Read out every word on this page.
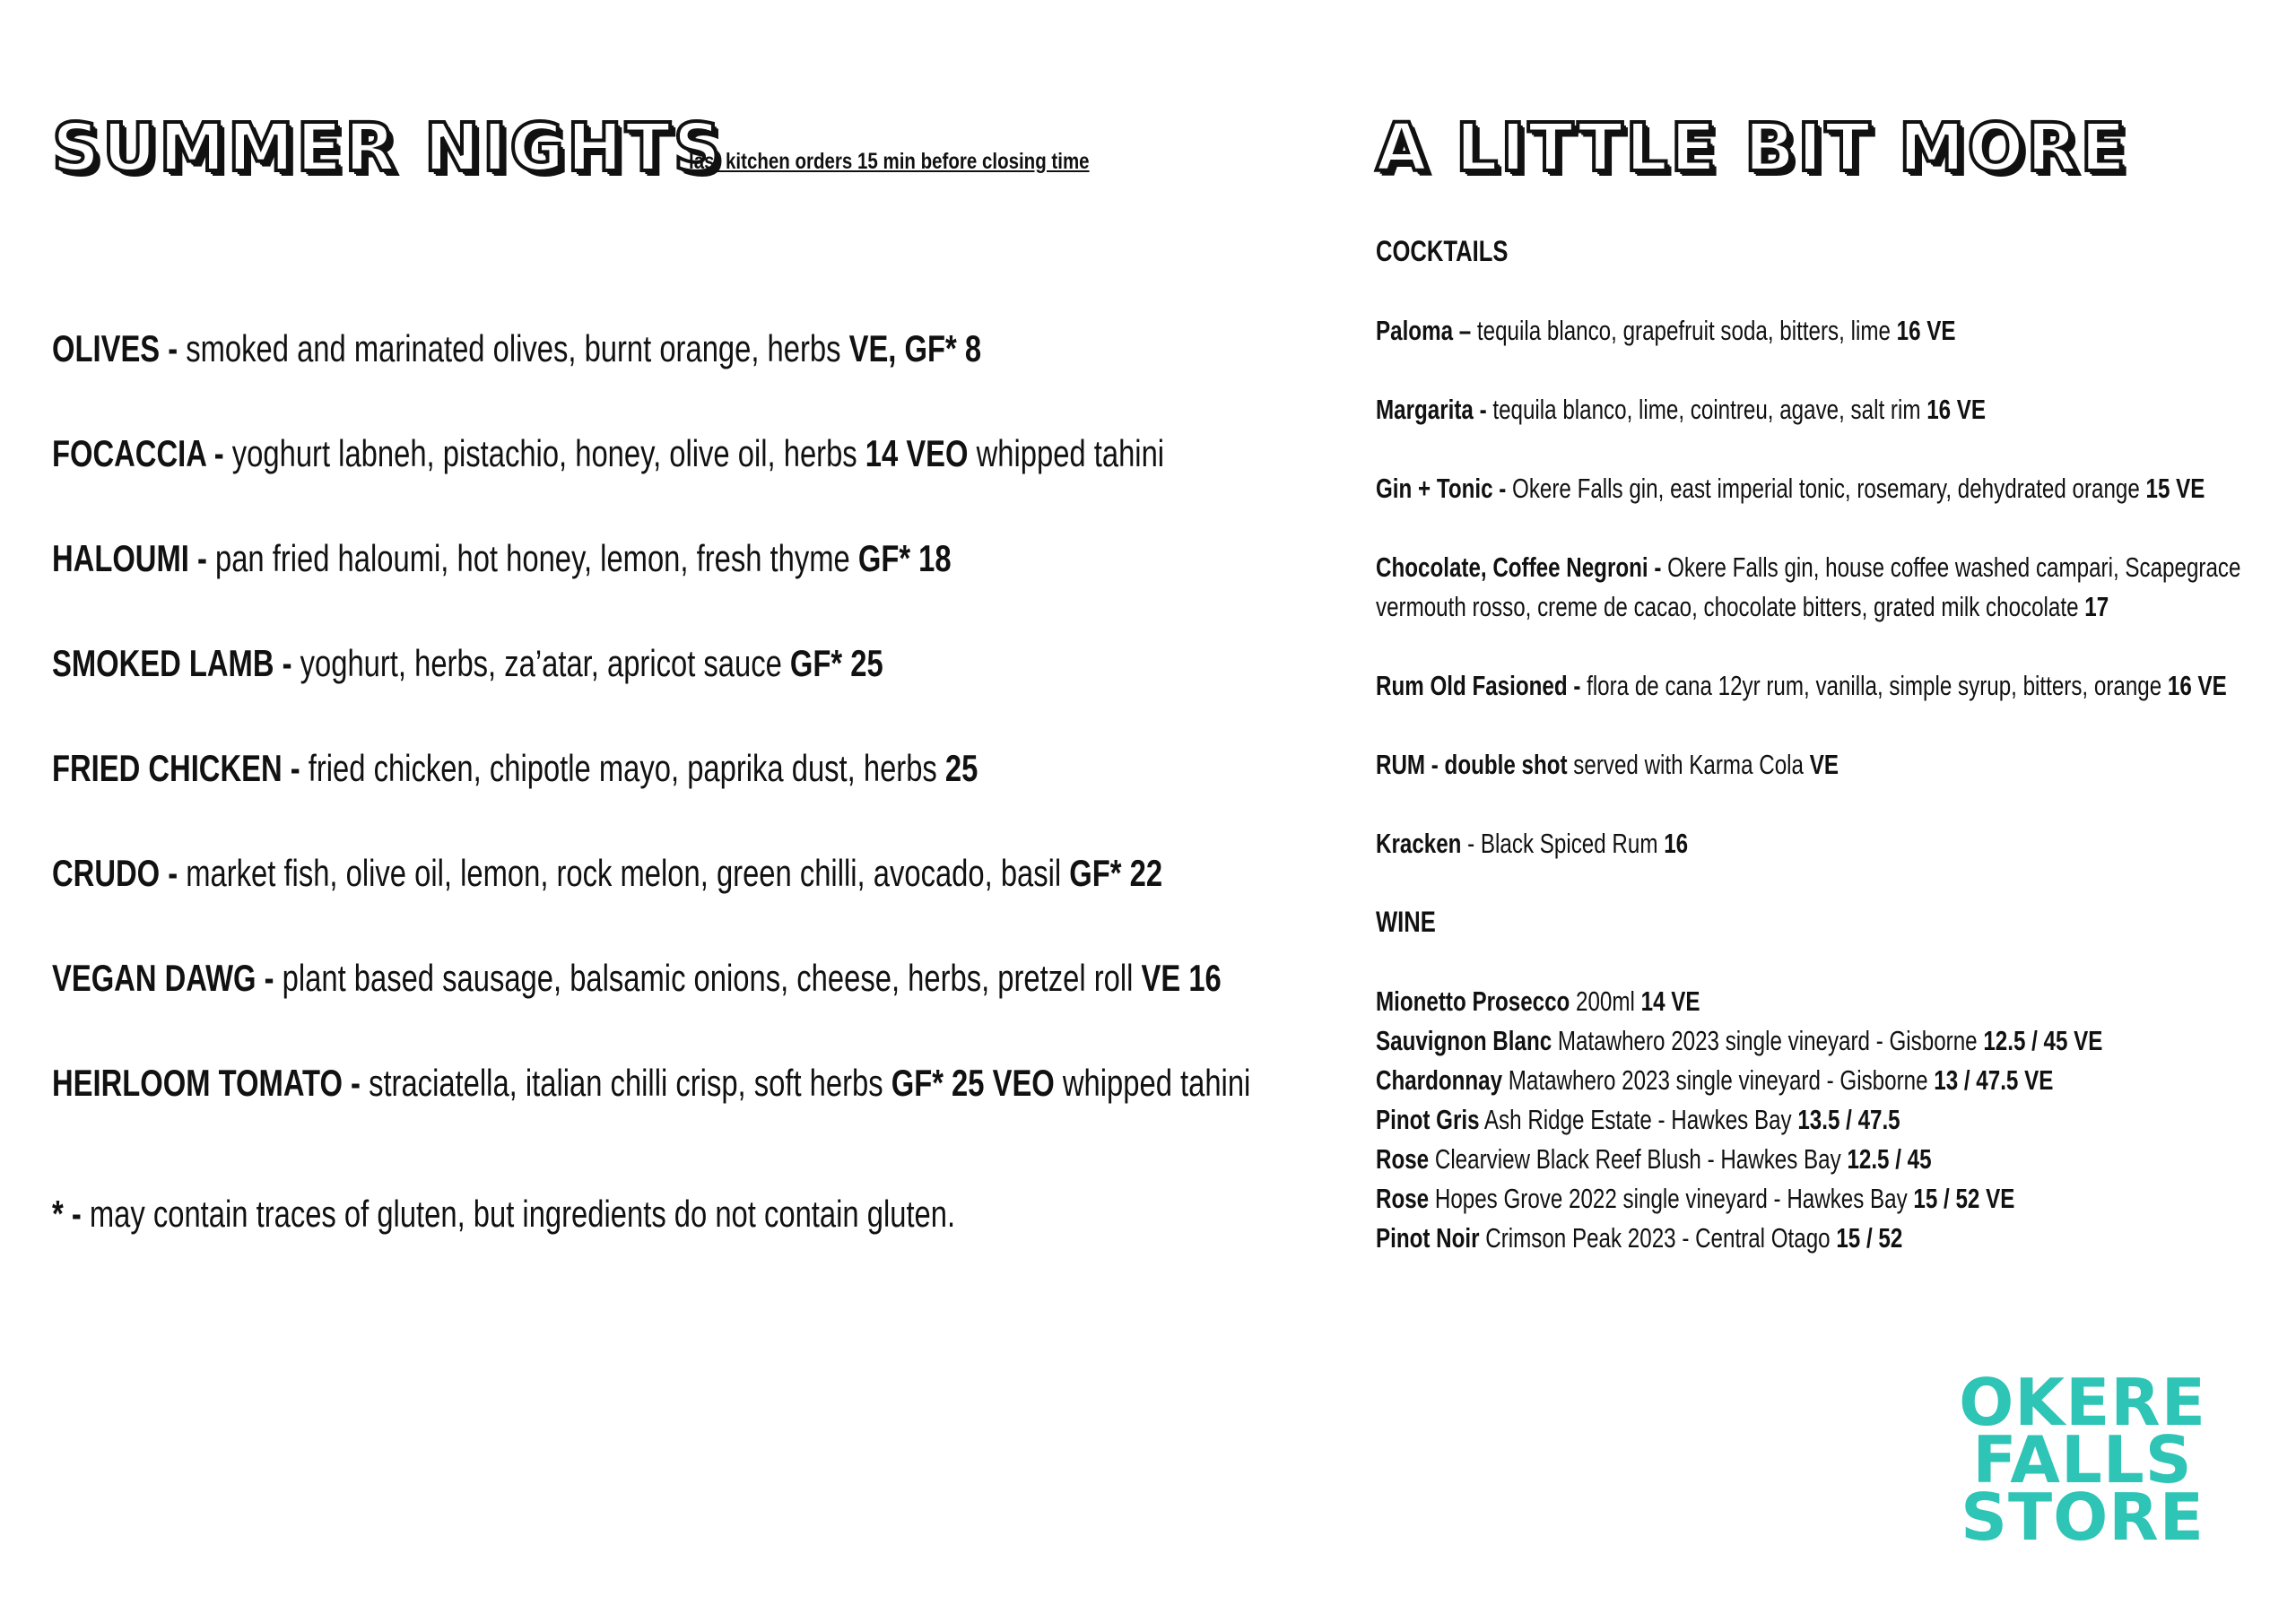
SUMMER NIGHTS
last kitchen orders 15 min before closing time

OLIVES - smoked and marinated olives, burnt orange, herbs VE, GF* 8

FOCACCIA - yoghurt labneh, pistachio, honey, olive oil, herbs 14 VEO whipped tahini

HALOUMI - pan fried haloumi, hot honey, lemon, fresh thyme GF* 18

SMOKED LAMB - yoghurt, herbs, za’atar, apricot sauce GF* 25

FRIED CHICKEN - fried chicken, chipotle mayo, paprika dust, herbs 25

CRUDO - market fish, olive oil, lemon, rock melon, green chilli, avocado, basil GF* 22

VEGAN DAWG - plant based sausage, balsamic onions, cheese, herbs, pretzel roll VE 16

HEIRLOOM TOMATO - straciatella, italian chilli crisp, soft herbs GF* 25 VEO whipped tahini

* - may contain traces of gluten, but ingredients do not contain gluten.

A LITTLE BIT MORE

COCKTAILS

Paloma – tequila blanco, grapefruit soda, bitters, lime 16 VE

Margarita - tequila blanco, lime, cointreu, agave, salt rim 16 VE

Gin + Tonic - Okere Falls gin, east imperial tonic, rosemary, dehydrated orange 15 VE

Chocolate, Coffee Negroni - Okere Falls gin, house coffee washed campari, Scapegrace

vermouth rosso, creme de cacao, chocolate bitters, grated milk chocolate 17

Rum Old Fasioned - flora de cana 12yr rum, vanilla, simple syrup, bitters, orange 16 VE

RUM - double shot served with Karma Cola VE

Kracken - Black Spiced Rum 16

WINE

Mionetto Prosecco 200ml 14 VE

Sauvignon Blanc Matawhero 2023 single vineyard - Gisborne 12.5 / 45 VE

Chardonnay Matawhero 2023 single vineyard - Gisborne 13 / 47.5 VE

Pinot Gris Ash Ridge Estate - Hawkes Bay 13.5 / 47.5

Rose Clearview Black Reef Blush - Hawkes Bay 12.5 / 45

Rose Hopes Grove 2022 single vineyard - Hawkes Bay 15 / 52 VE

Pinot Noir Crimson Peak 2023 - Central Otago 15 / 52

OKERE
FALLS
STORE
